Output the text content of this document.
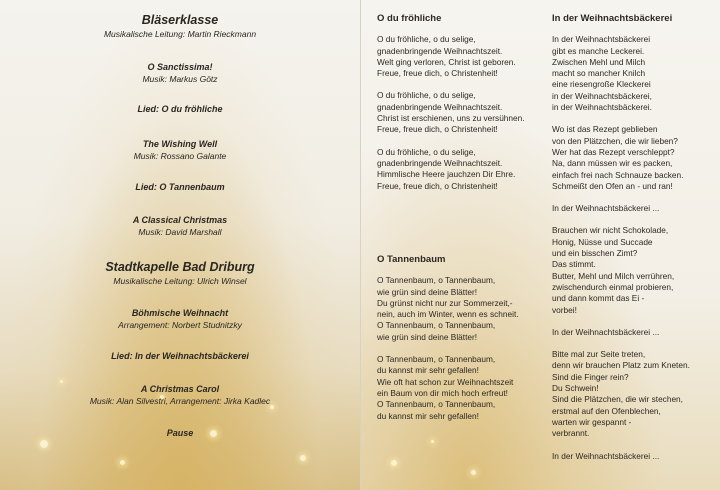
Bläserklasse
Musikalische Leitung: Martin Rieckmann
O Sanctissima!
Musik: Markus Götz
Lied: O du fröhliche
The Wishing Well
Musik: Rossano Galante
Lied: O Tannenbaum
A Classical Christmas
Musik: David Marshall
Stadtkapelle Bad Driburg
Musikalische Leitung: Ulrich Winsel
Böhmische Weihnacht
Arrangement: Norbert Studnitzky
Lied: In der Weihnachtsbäckerei
A Christmas Carol
Musik: Alan Silvestri, Arrangement: Jirka Kadlec
Pause
O du fröhliche

O du fröhliche, o du selige,
gnadenbringende Weihnachtszeit.
Welt ging verloren, Christ ist geboren.
Freue, freue dich, o Christenheit!

O du fröhliche, o du selige,
gnadenbringende Weihnachtszeit.
Christ ist erschienen, uns zu versühnen.
Freue, freue dich, o Christenheit!

O du fröhliche, o du selige,
gnadenbringende Weihnachtszeit.
Himmlische Heere jauchzen Dir Ehre.
Freue, freue dich, o Christenheit!

O Tannenbaum

O Tannenbaum, o Tannenbaum,
wie grün sind deine Blätter!
Du grünst nicht nur zur Sommerzeit,-
nein, auch im Winter, wenn es schneit.
O Tannenbaum, o Tannenbaum,
wie grün sind deine Blätter!

O Tannenbaum, o Tannenbaum,
du kannst mir sehr gefallen!
Wie oft hat schon zur Weihnachtszeit
ein Baum von dir mich hoch erfreut!
O Tannenbaum, o Tannenbaum,
du kannst mir sehr gefallen!

In der Weihnachtsbäckerei

In der Weihnachtsbäckerei
gibt es manche Leckerei.
Zwischen Mehl und Milch
macht so mancher Knilch
eine riesengroße Kleckerei
in der Weihnachtsbäckerei,
in der Weihnachtsbäckerei.

Wo ist das Rezept geblieben
von den Plätzchen, die wir lieben?
Wer hat das Rezept verschleppt?
Na, dann müssen wir es packen,
einfach frei nach Schnauze backen.
Schmeißt den Ofen an - und ran!

In der Weihnachtsbäckerei ...

Brauchen wir nicht Schokolade,
Honig, Nüsse und Succade
und ein bisschen Zimt?
Das stimmt.
Butter, Mehl und Milch verrühren,
zwischendurch einmal probieren,
und dann kommt das Ei -
vorbei!

In der Weihnachtsbäckerei ...

Bitte mal zur Seite treten,
denn wir brauchen Platz zum Kneten.
Sind die Finger rein?
Du Schwein!
Sind die Plätzchen, die wir stechen,
erstmal auf den Ofenblechen,
warten wir gespannt -
verbrannt.

In der Weihnachtsbäckerei ...
